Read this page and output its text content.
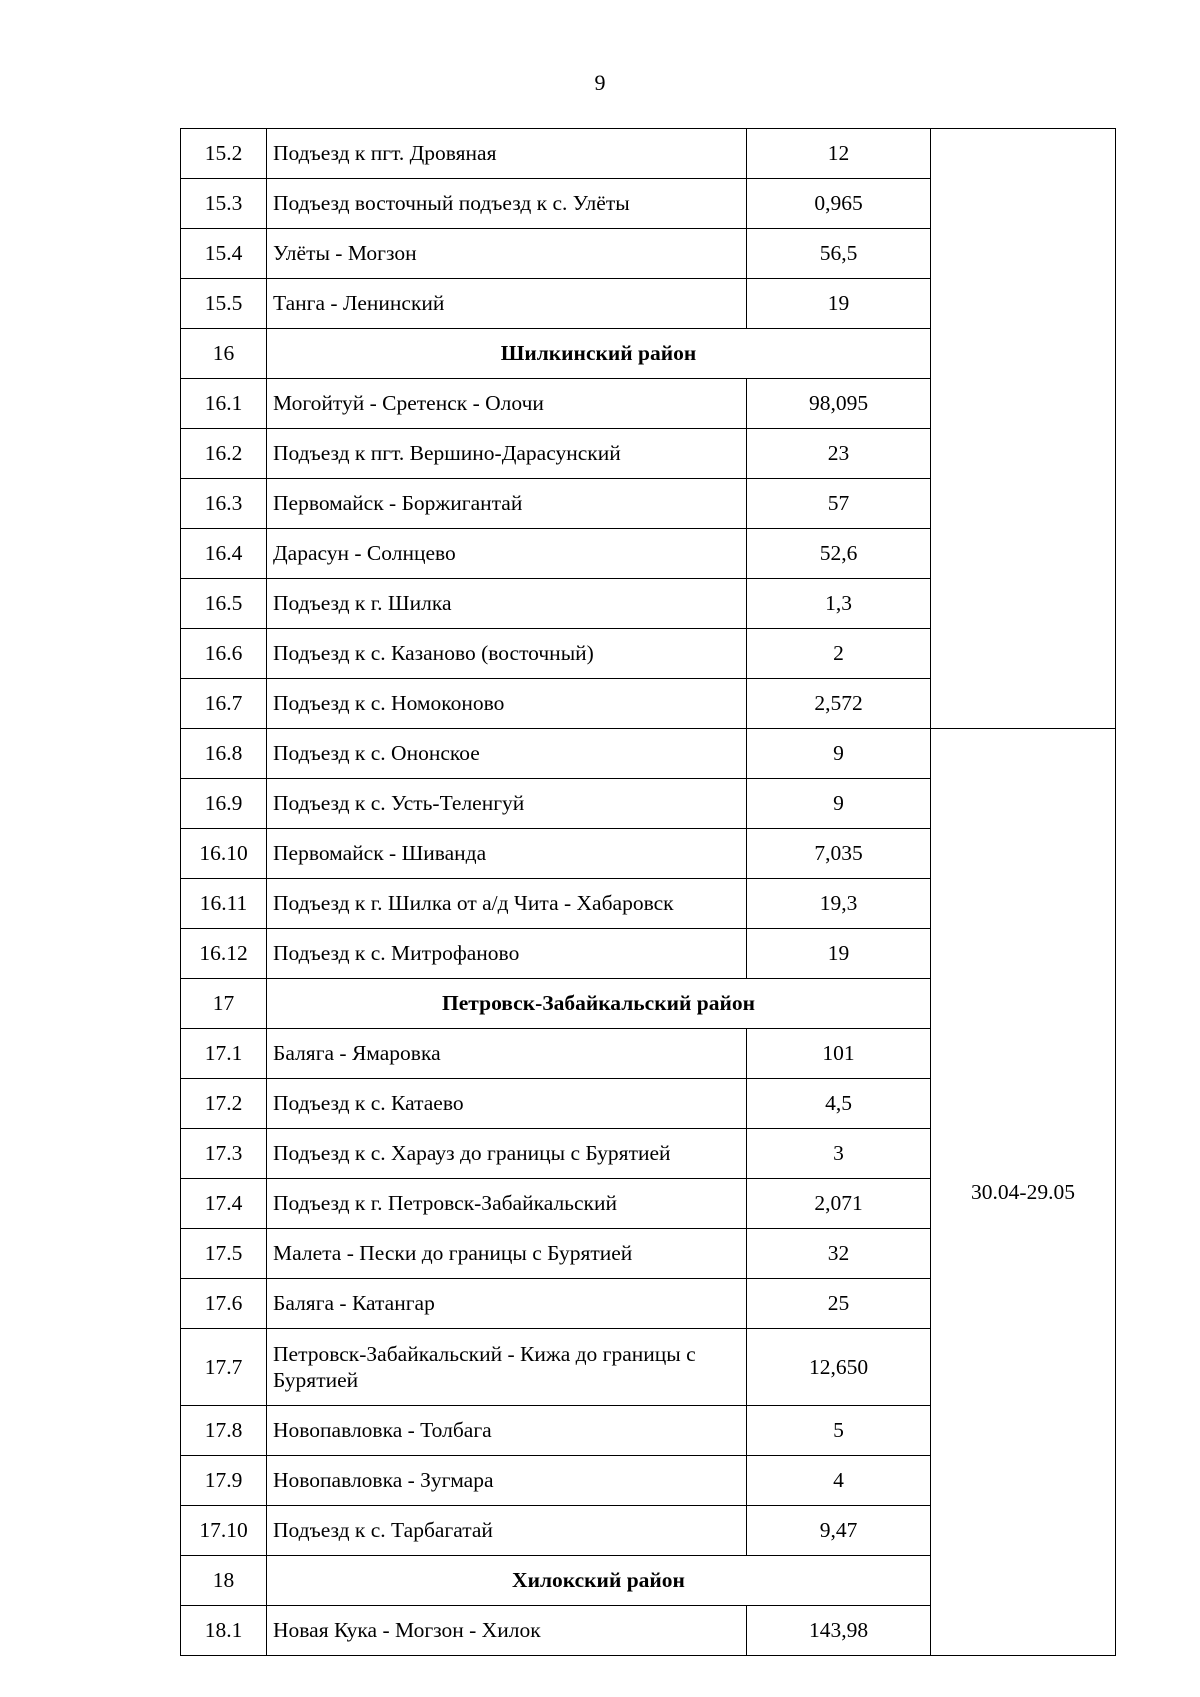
9
15.2	Подъезд к пгт. Дровяная	12	
15.3	Подъезд восточный подъезд к с. Улёты	0,965	
15.4	Улёты - Могзон	56,5	
15.5	Танга - Ленинский	19	
16	Шилкинский район		
16.1	Могойтуй - Сретенск - Олочи	98,095	
16.2	Подъезд к пгт. Вершино-Дарасунский	23	
16.3	Первомайск - Боржигантай	57	
16.4	Дарасун - Солнцево	52,6	
16.5	Подъезд к г. Шилка	1,3	
16.6	Подъезд к с. Казаново (восточный)	2	
16.7	Подъезд к с. Номоконово	2,572	
16.8	Подъезд к с. Ононское	9	30.04-29.05
16.9	Подъезд к с. Усть-Теленгуй	9	
16.10	Первомайск - Шиванда	7,035	
16.11	Подъезд к г. Шилка от а/д Чита - Хабаровск	19,3	
16.12	Подъезд к с. Митрофаново	19	
17	Петровск-Забайкальский район		
17.1	Баляга - Ямаровка	101	
17.2	Подъезд к с. Катаево	4,5	
17.3	Подъезд к с. Харауз до границы с Бурятией	3	
17.4	Подъезд к г. Петровск-Забайкальский	2,071	
17.5	Малета - Пески до границы с Бурятией	32	
17.6	Баляга - Катангар	25	
17.7	Петровск-Забайкальский - Кижа до границы с Бурятией	12,650	
17.8	Новопавловка - Толбага	5	
17.9	Новопавловка - Зугмара	4	
17.10	Подъезд к с. Тарбагатай	9,47	
18	Хилокский район		
18.1	Новая Кука - Могзон - Хилок	143,98	
